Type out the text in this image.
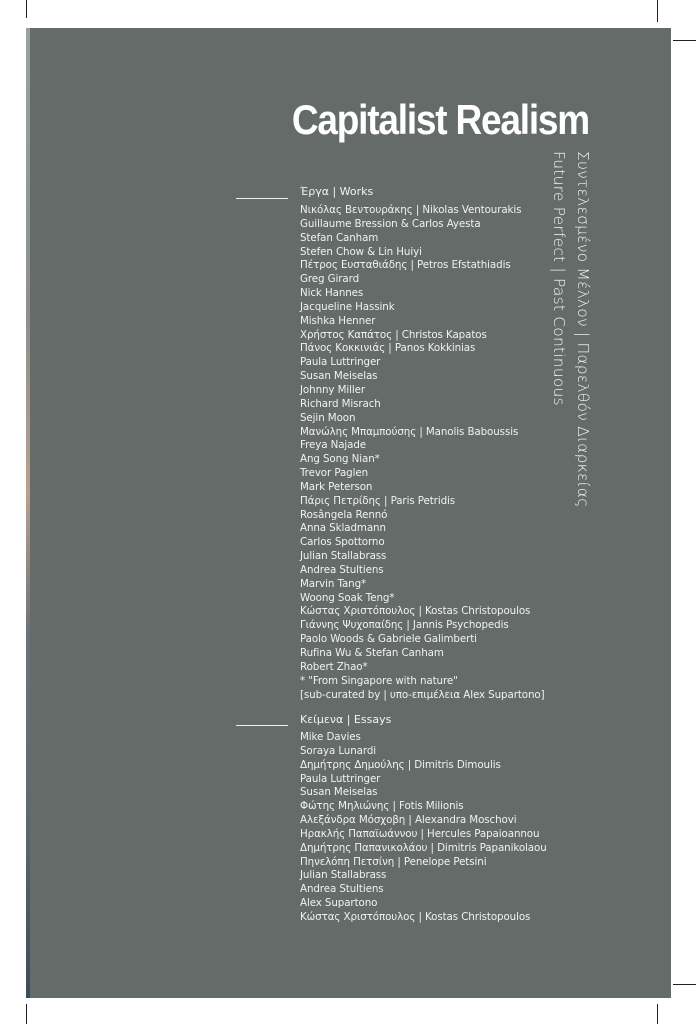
Capitalist Realism
Συντελεσμένο Μέλλον | Παρελθόν Διαρκείας
Future Perfect | Past Continuous
Έργα | Works
Νικόλας Βεντουράκης | Nikolas Ventourakis
Guillaume Bression & Carlos Ayesta
Stefan Canham
Stefen Chow & Lin Huiyi
Πέτρος Ευσταθιάδης | Petros Efstathiadis
Greg Girard
Nick Hannes
Jacqueline Hassink
Mishka Henner
Χρήστος Καπάτος | Christos Kapatos
Πάνος Κοκκινιάς | Panos Kokkinias
Paula Luttringer
Susan Meiselas
Johnny Miller
Richard Misrach
Sejin Moon
Μανώλης Μπαμπούσης | Manolis Baboussis
Freya Najade
Ang Song Nian*
Trevor Paglen
Mark Peterson
Πάρις Πετρίδης | Paris Petridis
Rosângela Rennó
Anna Skladmann
Carlos Spottorno
Julian Stallabrass
Andrea Stultiens
Marvin Tang*
Woong Soak Teng*
Κώστας Χριστόπουλος | Kostas Christopoulos
Γιάννης Ψυχοπαίδης | Jannis Psychopedis
Paolo Woods & Gabriele Galimberti
Rufina Wu & Stefan Canham
Robert Zhao*
* "From Singapore with nature"
[sub-curated by | υπο-επιμέλεια Alex Supartono]
Κείμενα | Essays
Mike Davies
Soraya Lunardi
Δημήτρης Δημούλης | Dimitris Dimoulis
Paula Luttringer
Susan Meiselas
Φώτης Μηλιώνης | Fotis Milionis
Αλεξάνδρα Μόσχοβη | Alexandra Moschovi
Ηρακλής Παπαϊωάννου | Hercules Papaioannou
Δημήτρης Παπανικολάου | Dimitris Papanikolaou
Πηνελόπη Πετσίνη | Penelope Petsini
Julian Stallabrass
Andrea Stultiens
Alex Supartono
Κώστας Χριστόπουλος | Kostas Christopoulos
